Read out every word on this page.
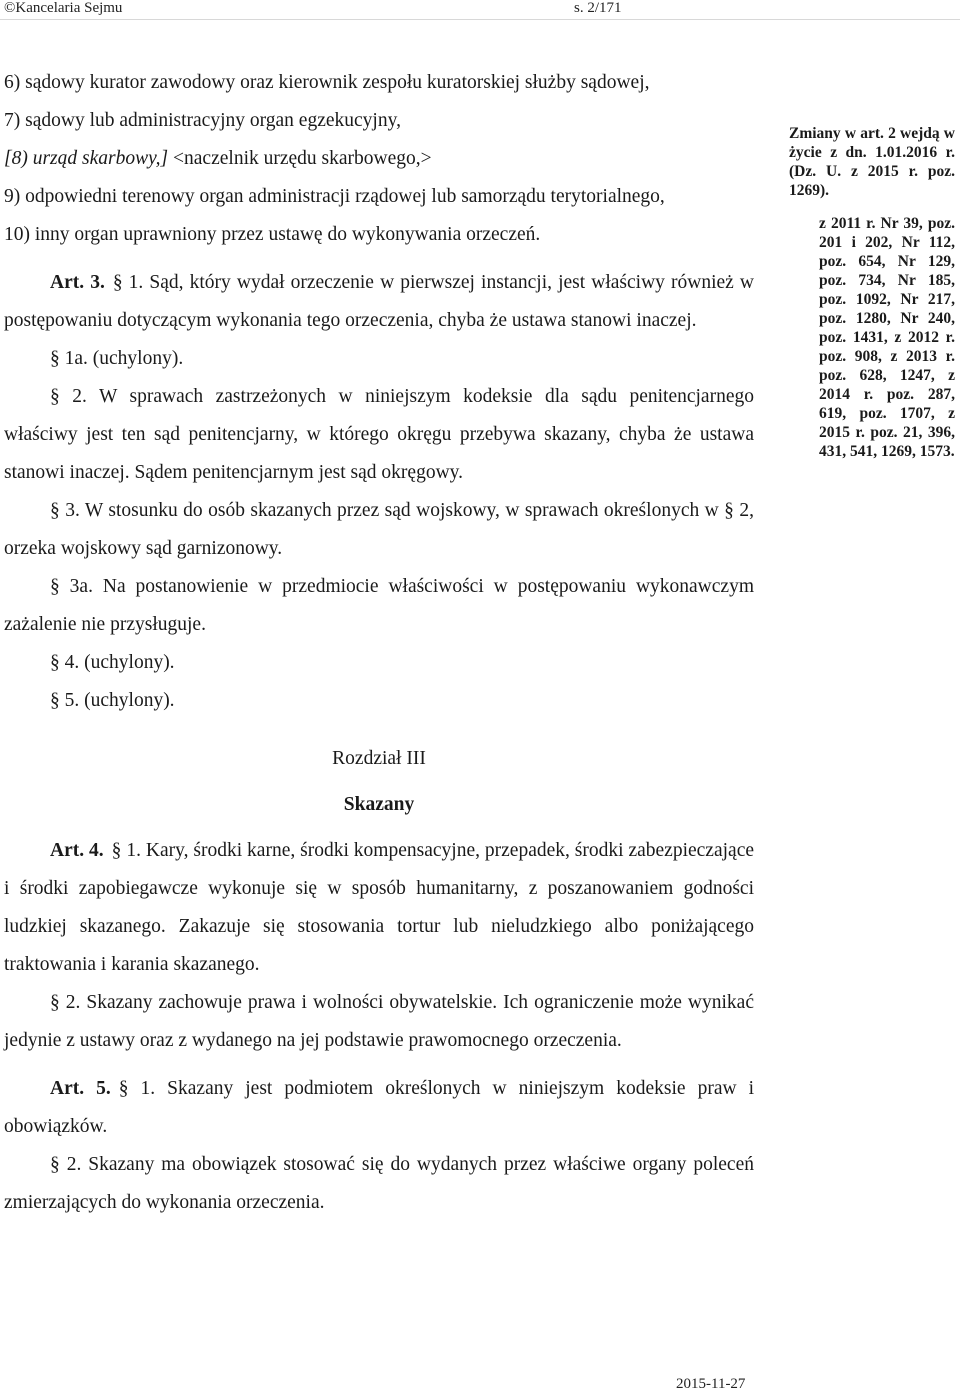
©Kancelaria Sejmu	s. 2/171

6) sądowy kurator zawodowy oraz kierownik zespołu kuratorskiej służby sądowej,

7) sądowy lub administracyjny organ egzekucyjny,

[8) urząd skarbowy,] <naczelnik urzędu skarbowego,>

9) odpowiedni terenowy organ administracji rządowej lub samorządu terytorialnego,

10) inny organ uprawniony przez ustawę do wykonywania orzeczeń.

Art. 3. § 1. Sąd, który wydał orzeczenie w pierwszej instancji, jest właściwy również w postępowaniu dotyczącym wykonania tego orzeczenia, chyba że ustawa stanowi inaczej.

§ 1a. (uchylony).

§ 2. W sprawach zastrzeżonych w niniejszym kodeksie dla sądu penitencjarnego właściwy jest ten sąd penitencjarny, w którego okręgu przebywa skazany, chyba że ustawa stanowi inaczej. Sądem penitencjarnym jest sąd okręgowy.

§ 3. W stosunku do osób skazanych przez sąd wojskowy, w sprawach określonych w § 2, orzeka wojskowy sąd garnizonowy.

§ 3a. Na postanowienie w przedmiocie właściwości w postępowaniu wykonawczym zażalenie nie przysługuje.

§ 4. (uchylony).

§ 5. (uchylony).

Rozdział III

Skazany

Art. 4. § 1. Kary, środki karne, środki kompensacyjne, przepadek, środki zabezpieczające i środki zapobiegawcze wykonuje się w sposób humanitarny, z poszanowaniem godności ludzkiej skazanego. Zakazuje się stosowania tortur lub nieludzkiego albo poniżającego traktowania i karania skazanego.

§ 2. Skazany zachowuje prawa i wolności obywatelskie. Ich ograniczenie może wynikać jedynie z ustawy oraz z wydanego na jej podstawie prawomocnego orzeczenia.

Art. 5. § 1. Skazany jest podmiotem określonych w niniejszym kodeksie praw i obowiązków.

§ 2. Skazany ma obowiązek stosować się do wydanych przez właściwe organy poleceń zmierzających do wykonania orzeczenia.

Zmiany w art. 2 wejdą w życie z dn. 1.01.2016 r. (Dz. U. z 2015 r. poz. 1269).

z 2011 r. Nr 39, poz. 201 i 202, Nr 112, poz. 654, Nr 129, poz. 734, Nr 185, poz. 1092, Nr 217, poz. 1280, Nr 240, poz. 1431, z 2012 r. poz. 908, z 2013 r. poz. 628, 1247, z 2014 r. poz. 287, 619, poz. 1707, z 2015 r. poz. 21, 396, 431, 541, 1269, 1573.

2015-11-27
